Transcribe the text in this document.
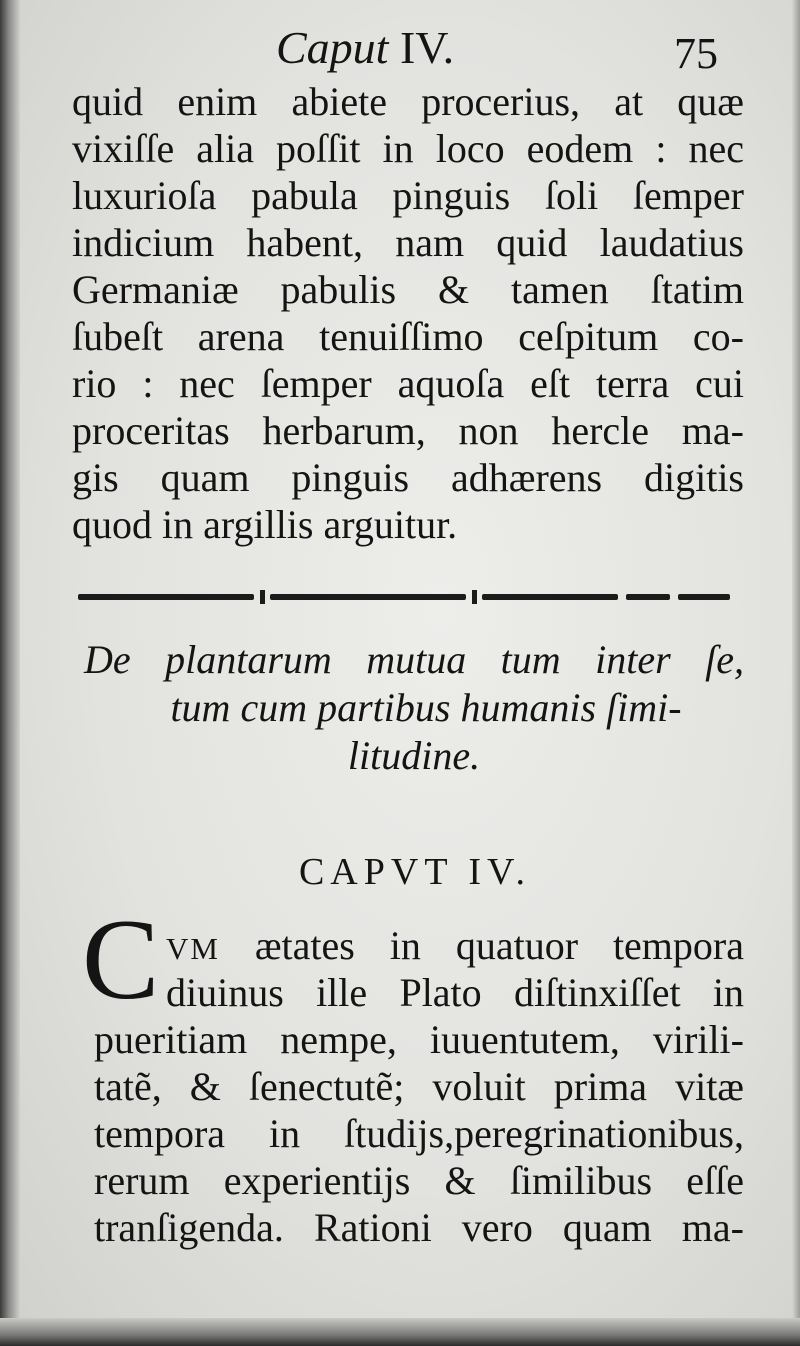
Caput IV.	75
quid enim abiete procerius, at quæ
vixiſſe alia poſſit in loco eodem : nec
luxurioſa pabula pinguis ſoli ſemper
indicium habent, nam quid laudatius
Germaniæ pabulis & tamen ſtatim
ſubeſt arena tenuiſſimo ceſpitum co-
rio : nec ſemper aquoſa eſt terra cui
proceritas herbarum, non hercle ma-
gis quam pinguis adhærens digitis
quod in argillis arguitur.
De plantarum mutua tum inter ſe,
tum cum partibus humanis ſimi-
litudine.
CAPVT IV.
C VM ætates in quatuor tempora
diuinus ille Plato diſtinxiſſet in
pueritiam nempe, iuuentutem, virili-
tatẽ, & ſenectutẽ; voluit prima vitæ
tempora in ſtudijs,peregrinationibus,
rerum experientijs & ſimilibus eſſe
tranſigenda. Rationi vero quam ma-
